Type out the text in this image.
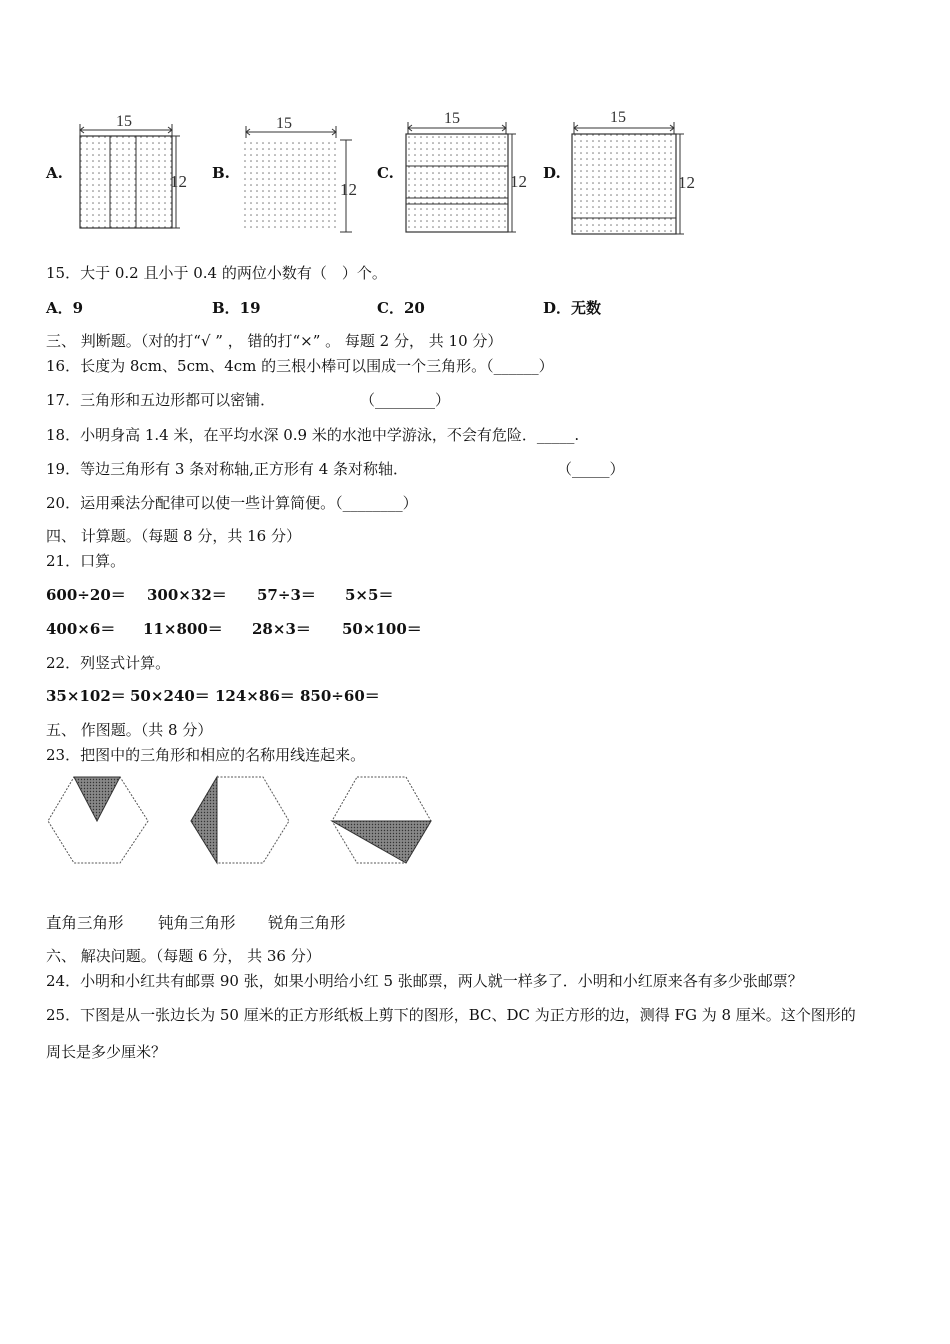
A.	B.	C.	D.
15
12
15
12
15
12
15
12
15．大于 0.2 且小于 0.4 的两位小数有（　）个。
A．9	B．19	C．20	D．无数
三、 判断题。（对的打“√ ” ， 错的打“×” 。 每题 2 分， 共 10 分）
16．长度为 8cm、5cm、4cm 的三根小棒可以围成一个三角形。（______）
17．三角形和五边形都可以密铺．	（________）
18．小明身高 1.4 米，在平均水深 0.9 米的水池中学游泳，不会有危险．_____.
19．等边三角形有 3 条对称轴,正方形有 4 条对称轴．	（_____）
20．运用乘法分配律可以使一些计算简便。（________）
四、 计算题。（每题 8 分，共 16 分）
21．口算。
600÷20＝ 300×32＝ 57÷3＝ 5×5＝
400×6＝ 11×800＝ 28×3＝ 50×100＝
22．列竖式计算。
35×102＝ 50×240＝ 124×86＝ 850÷60＝
五、 作图题。（共 8 分）
23．把图中的三角形和相应的名称用线连起来。
直角三角形 钝角三角形 锐角三角形
六、 解决问题。（每题 6 分， 共 36 分）
24．小明和小红共有邮票 90 张，如果小明给小红 5 张邮票，两人就一样多了．小明和小红原来各有多少张邮票？
25．下图是从一张边长为 50 厘米的正方形纸板上剪下的图形，BC、DC 为正方形的边，测得 FG 为 8 厘米。这个图形的
周长是多少厘米？
